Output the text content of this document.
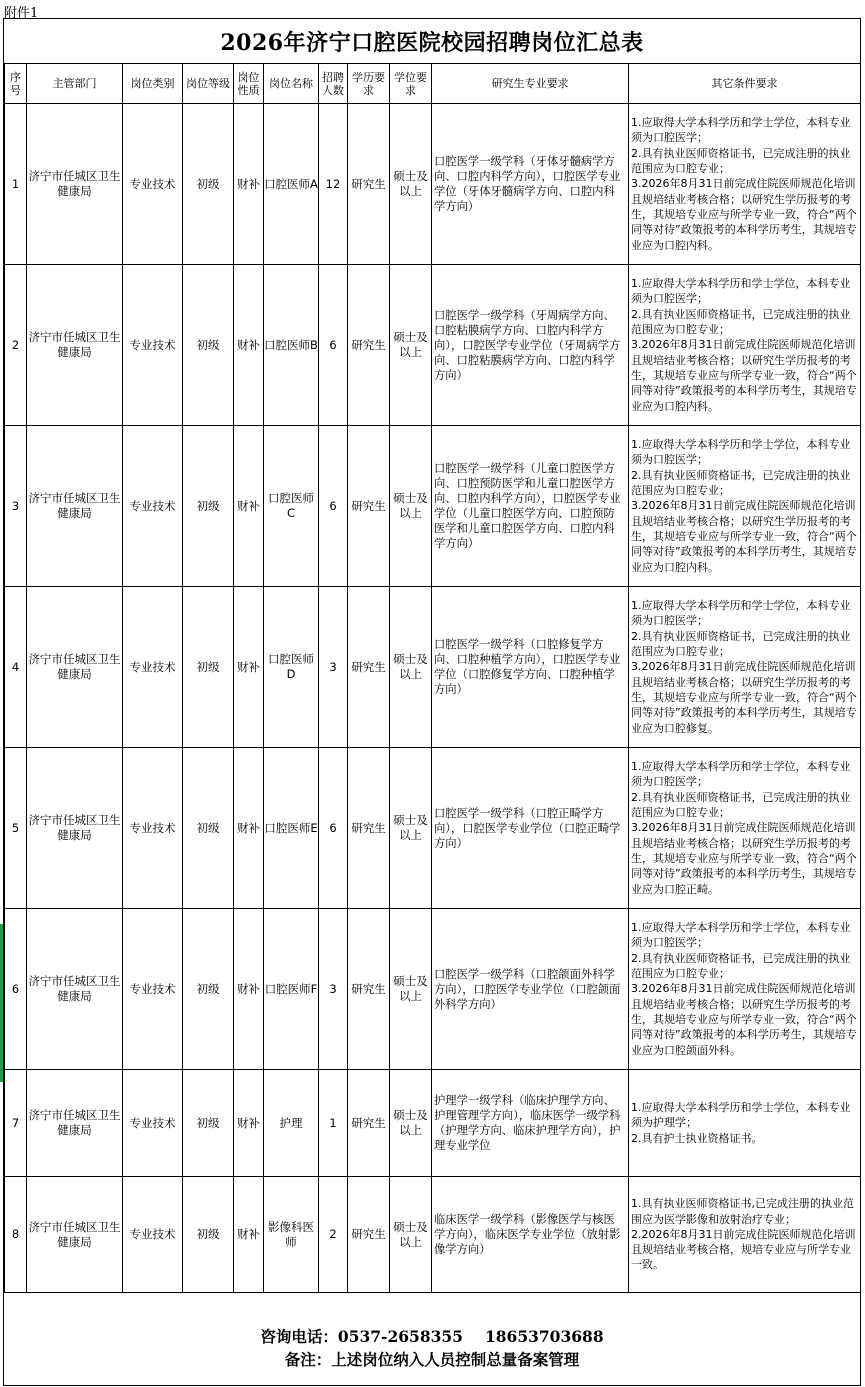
附件1
2026年济宁口腔医院校园招聘岗位汇总表
序号	主管部门	岗位类别	岗位等级	岗位性质	岗位名称	招聘人数	学历要求	学位要求	研究生专业要求	其它条件要求
1	济宁市任城区卫生健康局	专业技术	初级	财补	口腔医师A	12	研究生	硕士及以上	口腔医学一级学科（牙体牙髓病学方向、口腔内科学方向），口腔医学专业学位（牙体牙髓病学方向、口腔内科学方向）	1.应取得大学本科学历和学士学位，本科专业须为口腔医学；
2.具有执业医师资格证书，已完成注册的执业范围应为口腔专业；
3.2026年8月31日前完成住院医师规范化培训且规培结业考核合格；以研究生学历报考的考生，其规培专业应与所学专业一致，符合“两个同等对待”政策报考的本科学历考生，其规培专业应为口腔内科。

2	济宁市任城区卫生健康局	专业技术	初级	财补	口腔医师B	6	研究生	硕士及以上	口腔医学一级学科（牙周病学方向、口腔粘膜病学方向、口腔内科学方向），口腔医学专业学位（牙周病学方向、口腔粘膜病学方向、口腔内科学方向）	1.应取得大学本科学历和学士学位，本科专业须为口腔医学；
2.具有执业医师资格证书，已完成注册的执业范围应为口腔专业；
3.2026年8月31日前完成住院医师规范化培训且规培结业考核合格；以研究生学历报考的考生，其规培专业应与所学专业一致，符合“两个同等对待”政策报考的本科学历考生，其规培专业应为口腔内科。

3	济宁市任城区卫生健康局	专业技术	初级	财补	口腔医师C	6	研究生	硕士及以上	口腔医学一级学科（儿童口腔医学方向、口腔预防医学和儿童口腔医学方向、口腔内科学方向），口腔医学专业学位（儿童口腔医学方向、口腔预防医学和儿童口腔医学方向、口腔内科学方向）	1.应取得大学本科学历和学士学位，本科专业须为口腔医学；
2.具有执业医师资格证书，已完成注册的执业范围应为口腔专业；
3.2026年8月31日前完成住院医师规范化培训且规培结业考核合格；以研究生学历报考的考生，其规培专业应与所学专业一致，符合“两个同等对待”政策报考的本科学历考生，其规培专业应为口腔内科。

4	济宁市任城区卫生健康局	专业技术	初级	财补	口腔医师D	3	研究生	硕士及以上	口腔医学一级学科（口腔修复学方向、口腔种植学方向），口腔医学专业学位（口腔修复学方向、口腔种植学方向）	1.应取得大学本科学历和学士学位，本科专业须为口腔医学；
2.具有执业医师资格证书，已完成注册的执业范围应为口腔专业；
3.2026年8月31日前完成住院医师规范化培训且规培结业考核合格；以研究生学历报考的考生，其规培专业应与所学专业一致，符合“两个同等对待”政策报考的本科学历考生，其规培专业应为口腔修复。

5	济宁市任城区卫生健康局	专业技术	初级	财补	口腔医师E	6	研究生	硕士及以上	口腔医学一级学科（口腔正畸学方向），口腔医学专业学位（口腔正畸学方向）	1.应取得大学本科学历和学士学位，本科专业须为口腔医学；
2.具有执业医师资格证书，已完成注册的执业范围应为口腔专业；
3.2026年8月31日前完成住院医师规范化培训且规培结业考核合格；以研究生学历报考的考生，其规培专业应与所学专业一致，符合“两个同等对待”政策报考的本科学历考生，其规培专业应为口腔正畸。

6	济宁市任城区卫生健康局	专业技术	初级	财补	口腔医师F	3	研究生	硕士及以上	口腔医学一级学科（口腔颌面外科学方向），口腔医学专业学位（口腔颌面外科学方向）	1.应取得大学本科学历和学士学位，本科专业须为口腔医学；
2.具有执业医师资格证书，已完成注册的执业范围应为口腔专业；
3.2026年8月31日前完成住院医师规范化培训且规培结业考核合格；以研究生学历报考的考生，其规培专业应与所学专业一致，符合“两个同等对待”政策报考的本科学历考生，其规培专业应为口腔颌面外科。

7	济宁市任城区卫生健康局	专业技术	初级	财补	护理	1	研究生	硕士及以上	护理学一级学科（临床护理学方向、护理管理学方向），临床医学一级学科（护理学方向、临床护理学方向），护理专业学位	1.应取得大学本科学历和学士学位，本科专业须为护理学；
2.具有护士执业资格证书。

8	济宁市任城区卫生健康局	专业技术	初级	财补	影像科医师	2	研究生	硕士及以上	临床医学一级学科（影像医学与核医学方向），临床医学专业学位（放射影像学方向）	1.具有执业医师资格证书,已完成注册的执业范围应为医学影像和放射治疗专业；
2.2026年8月31日前完成住院医师规范化培训且规培结业考核合格，规培专业应与所学专业一致。
咨询电话：0537-2658355 18653703688
备注：上述岗位纳入人员控制总量备案管理
